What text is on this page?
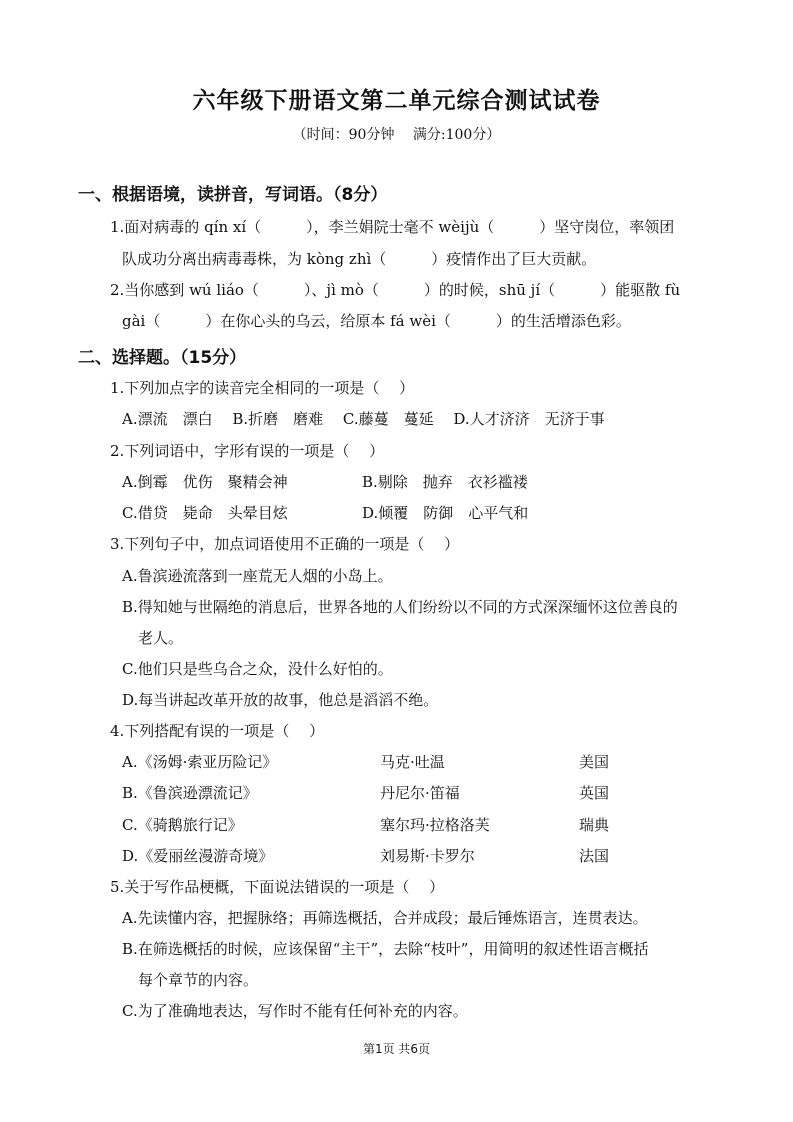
六年级下册语文第二单元综合测试试卷
（时间：90分钟　 满分:100分）
一、根据语境，读拼音，写词语。（8分）
1.面对病毒的 qín xí（　　　），李兰娟院士毫不 wèijù（　　　）坚守岗位，率领团
队成功分离出病毒毒株，为 kòng zhì（　　　）疫情作出了巨大贡献。
2.当你感到 wú liáo（　　　）、jì mò（　　　）的时候，shū jí（　　　）能驱散 fù
gài（　　　）在你心头的乌云，给原本 fá wèi（　　　）的生活增添色彩。
二、选择题。（15分）
1.下列加点字的读音完全相同的一项是（　 ）
A.漂流　漂白　 B.折磨　磨难　 C.藤蔓　蔓延　 D.人才济济　无济于事
2.下列词语中，字形有误的一项是（　 ）
A.倒霉　优伤　聚精会神	B.剔除　抛弃　衣衫褴褛
C.借贷　毙命　头晕目炫	D.倾覆　防御　心平气和
3.下列句子中，加点词语使用不正确的一项是（　 ）
A.鲁滨逊流落到一座荒无人烟的小岛上。
B.得知她与世隔绝的消息后，世界各地的人们纷纷以不同的方式深深缅怀这位善良的
老人。
C.他们只是些乌合之众，没什么好怕的。
D.每当讲起改革开放的故事，他总是滔滔不绝。
4.下列搭配有误的一项是（　 ）
A.《汤姆·索亚历险记》	马克·吐温	美国
B.《鲁滨逊漂流记》	丹尼尔·笛福	英国
C.《骑鹅旅行记》	塞尔玛·拉格洛芙	瑞典
D.《爱丽丝漫游奇境》	刘易斯·卡罗尔	法国
5.关于写作品梗概，下面说法错误的一项是（　 ）
A.先读懂内容，把握脉络；再筛选概括，合并成段；最后锤炼语言，连贯表达。
B.在筛选概括的时候，应该保留“主干”，去除“枝叶”，用简明的叙述性语言概括
每个章节的内容。
C.为了准确地表达，写作时不能有任何补充的内容。
第1页 共6页
